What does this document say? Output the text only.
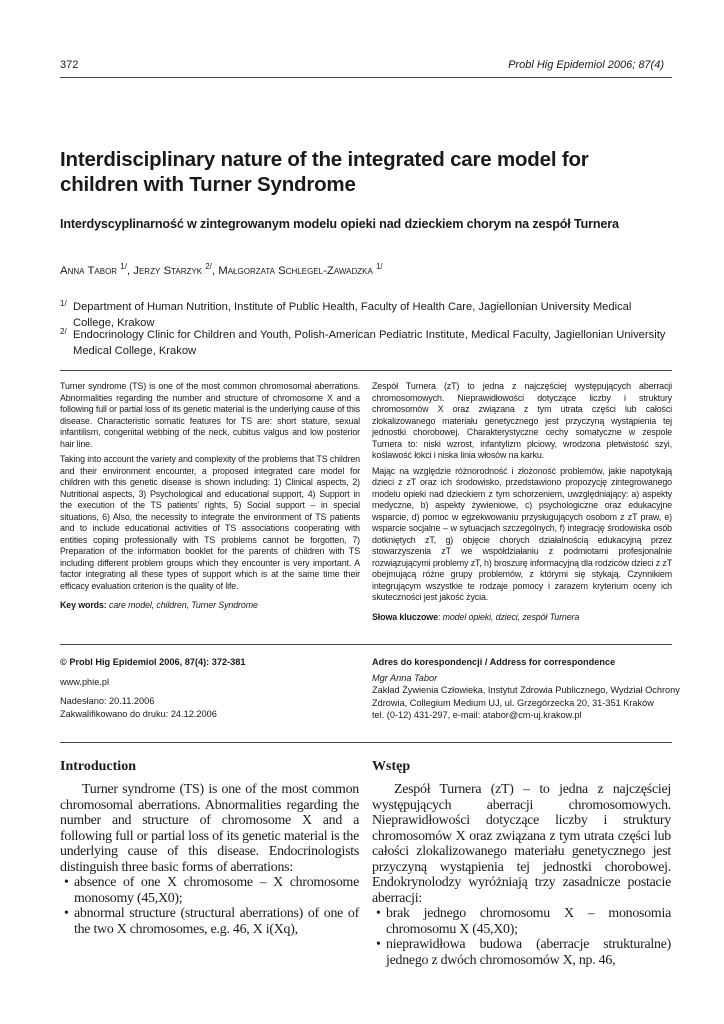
372	Probl Hig Epidemiol 2006; 87(4)
Interdisciplinary nature of the integrated care model for children with Turner Syndrome
Interdyscyplinarność w zintegrowanym modelu opieki nad dzieckiem chorym na zespół Turnera
Anna Tabor $^{1/}$, Jerzy Starzyk $^{2/}$, Małgorzata Schlegel-Zawadzka $^{1/}$
1/ Department of Human Nutrition, Institute of Public Health, Faculty of Health Care, Jagiellonian University Medical College, Krakow
2/ Endocrinology Clinic for Children and Youth, Polish-American Pediatric Institute, Medical Faculty, Jagiellonian University Medical College, Krakow

Turner syndrome (TS) is one of the most common chromosomal aberrations. Abnormalities regarding the number and structure of chromosome X and a following full or partial loss of its genetic material is the underlying cause of this disease. Characteristic somatic features for TS are: short stature, sexual infantilism, congenital webbing of the neck, cubitus valgus and low posterior hair line.

Taking into account the variety and complexity of the problems that TS children and their environment encounter, a proposed integrated care model for children with this genetic disease is shown including: 1) Clinical aspects, 2) Nutritional aspects, 3) Psychological and educational support, 4) Support in the execution of the TS patients' rights, 5) Social support – in special situations, 6) Also, the necessity to integrate the environment of TS patients and to include educational activities of TS associations cooperating with entities coping professionally with TS problems cannot be forgotten, 7) Preparation of the information booklet for the parents of children with TS including different problem groups which they encounter is very important. A factor integrating all these types of support which is at the same time their efficacy evaluation criterion is the quality of life.

Key words: care model, children, Turner Syndrome

Zespół Turnera (zT) to jedna z najczęściej występujących aberracji chromosomowych. Nieprawidłowości dotyczące liczby i struktury chromosomów X oraz związana z tym utrata części lub całości zlokalizowanego materiału genetycznego jest przyczyną wystąpienia tej jednostki chorobowej. Charakterystyczne cechy somatyczne w zespole Turnera to: niski wzrost, infantylizm płciowy, wrodzona płetwistość szyi, koślawość łokci i niska linia włosów na karku.

Mając na względzie różnorodność i złożoność problemów, jakie napotykają dzieci z zT oraz ich środowisko, przedstawiono propozycję zintegrowanego modelu opieki nad dzieckiem z tym schorzeniem, uwzględniający: a) aspekty medyczne, b) aspekty żywieniowe, c) psychologiczne oraz edukacyjne wsparcie, d) pomoc w egzekwowaniu przysługujących osobom z zT praw, e) wsparcie socjalne – w sytuacjach szczególnych, f) integrację środowiska osób dotkniętych zT, g) objęcie chorych działalnością edukacyjną przez stowarzyszenia zT we współdziałaniu z podmiotami profesjonalnie rozwiązującymi problemy zT, h) broszurę informacyjną dla rodziców dzieci z zT obejmującą różne grupy problemów, z którymi się stykają. Czynnikiem integrującym wszystkie te rodzaje pomocy i zarazem kryterium oceny ich skuteczności jest jakość życia.

Słowa kluczowe: model opieki, dzieci, zespół Turnera

© Probl Hig Epidemiol 2006, 87(4): 372-381

www.phie.pl

Nadesłano: 20.11.2006
Zakwalifikowano do druku: 24.12.2006

Adres do korespondencji / Address for correspondence

Mgr Anna Tabor
Zakład Żywienia Człowieka, Instytut Zdrowia Publicznego, Wydział Ochrony
Zdrowia, Collegium Medium UJ, ul. Grzegórzecka 20, 31-351 Kraków
tel. (0-12) 431-297, e-mail: atabor@cm-uj.krakow.pl
Introduction

Turner syndrome (TS) is one of the most common chromosomal aberrations. Abnormalities regarding the number and structure of chromosome X and a following full or partial loss of its genetic material is the underlying cause of this disease. Endocrinologists distinguish three basic forms of aberrations:

• absence of one X chromosome – X chromosome monosomy (45,X0);
• abnormal structure (structural aberrations) of one of the two X chromosomes, e.g. 46, X i(Xq),
Wstęp

Zespół Turnera (zT) – to jedna z najczęściej występujących aberracji chromosomowych. Nieprawidłowości dotyczące liczby i struktury chromosomów X oraz związana z tym utrata części lub całości zlokalizowanego materiału genetycznego jest przyczyną wystąpienia tej jednostki chorobowej. Endokrynolodzy wyróżniają trzy zasadnicze postacie aberracji:

• brak jednego chromosomu X – monosomia chromosomu X (45,X0);
• nieprawidłowa budowa (aberracje strukturalne) jednego z dwóch chromosomów X, np. 46,
